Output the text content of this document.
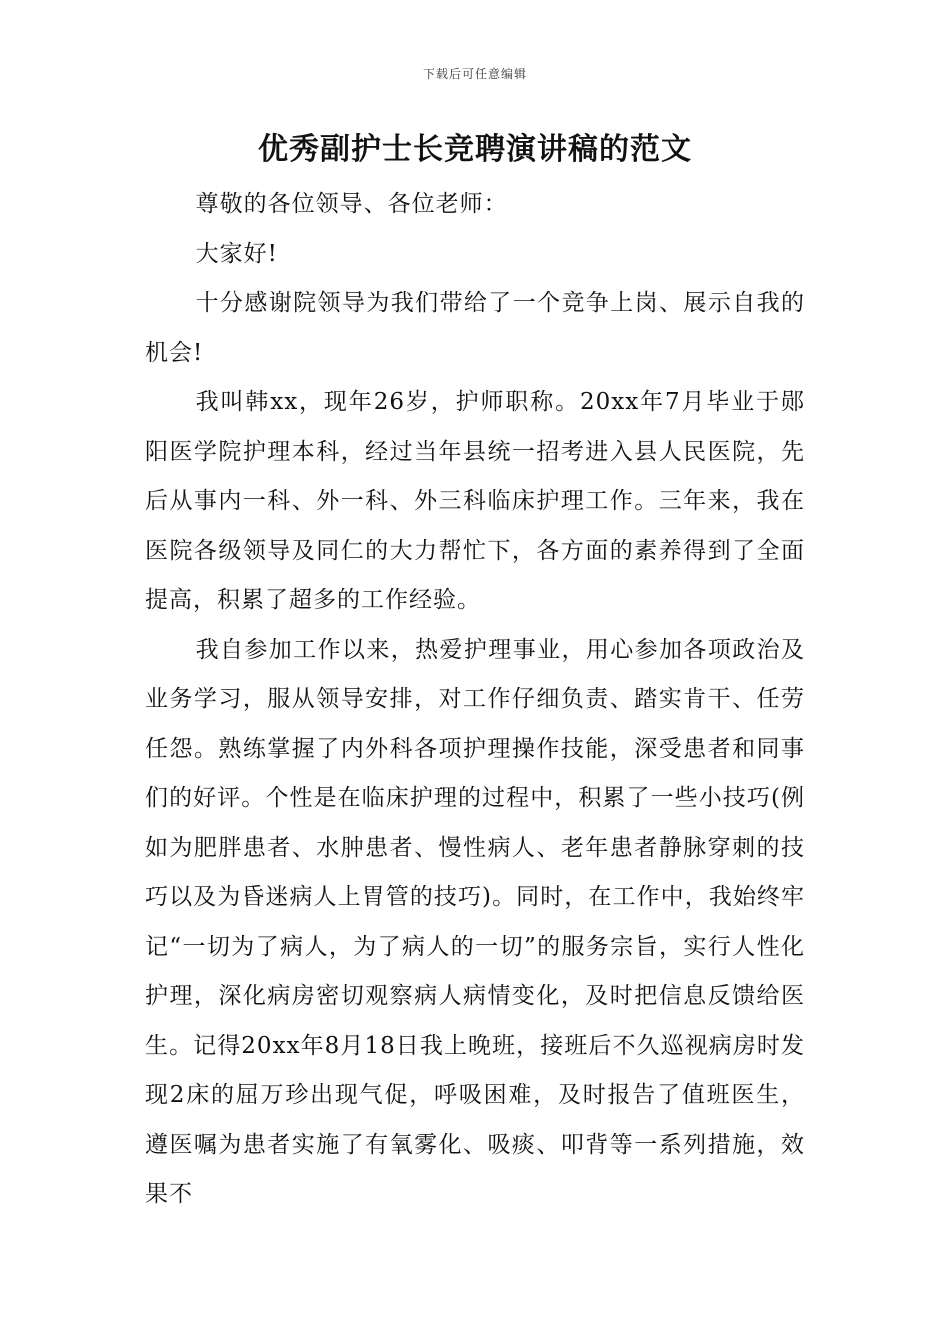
下载后可任意编辑
优秀副护士长竞聘演讲稿的范文

尊敬的各位领导、各位老师：

大家好!

十分感谢院领导为我们带给了一个竞争上岗、展示自我的机会!

我叫韩xx，现年26岁，护师职称。20xx年7月毕业于郧阳医学院护理本科，经过当年县统一招考进入县人民医院，先后从事内一科、外一科、外三科临床护理工作。三年来，我在医院各级领导及同仁的大力帮忙下，各方面的素养得到了全面提高，积累了超多的工作经验。

我自参加工作以来，热爱护理事业，用心参加各项政治及业务学习，服从领导安排，对工作仔细负责、踏实肯干、任劳任怨。熟练掌握了内外科各项护理操作技能，深受患者和同事们的好评。个性是在临床护理的过程中，积累了一些小技巧(例如为肥胖患者、水肿患者、慢性病人、老年患者静脉穿刺的技巧以及为昏迷病人上胃管的技巧)。同时，在工作中，我始终牢记“一切为了病人，为了病人的一切”的服务宗旨，实行人性化护理，深化病房密切观察病人病情变化，及时把信息反馈给医生。记得20xx年8月18日我上晚班，接班后不久巡视病房时发现2床的屈万珍出现气促，呼吸困难，及时报告了值班医生，遵医嘱为患者实施了有氧雾化、吸痰、叩背等一系列措施，效果不
